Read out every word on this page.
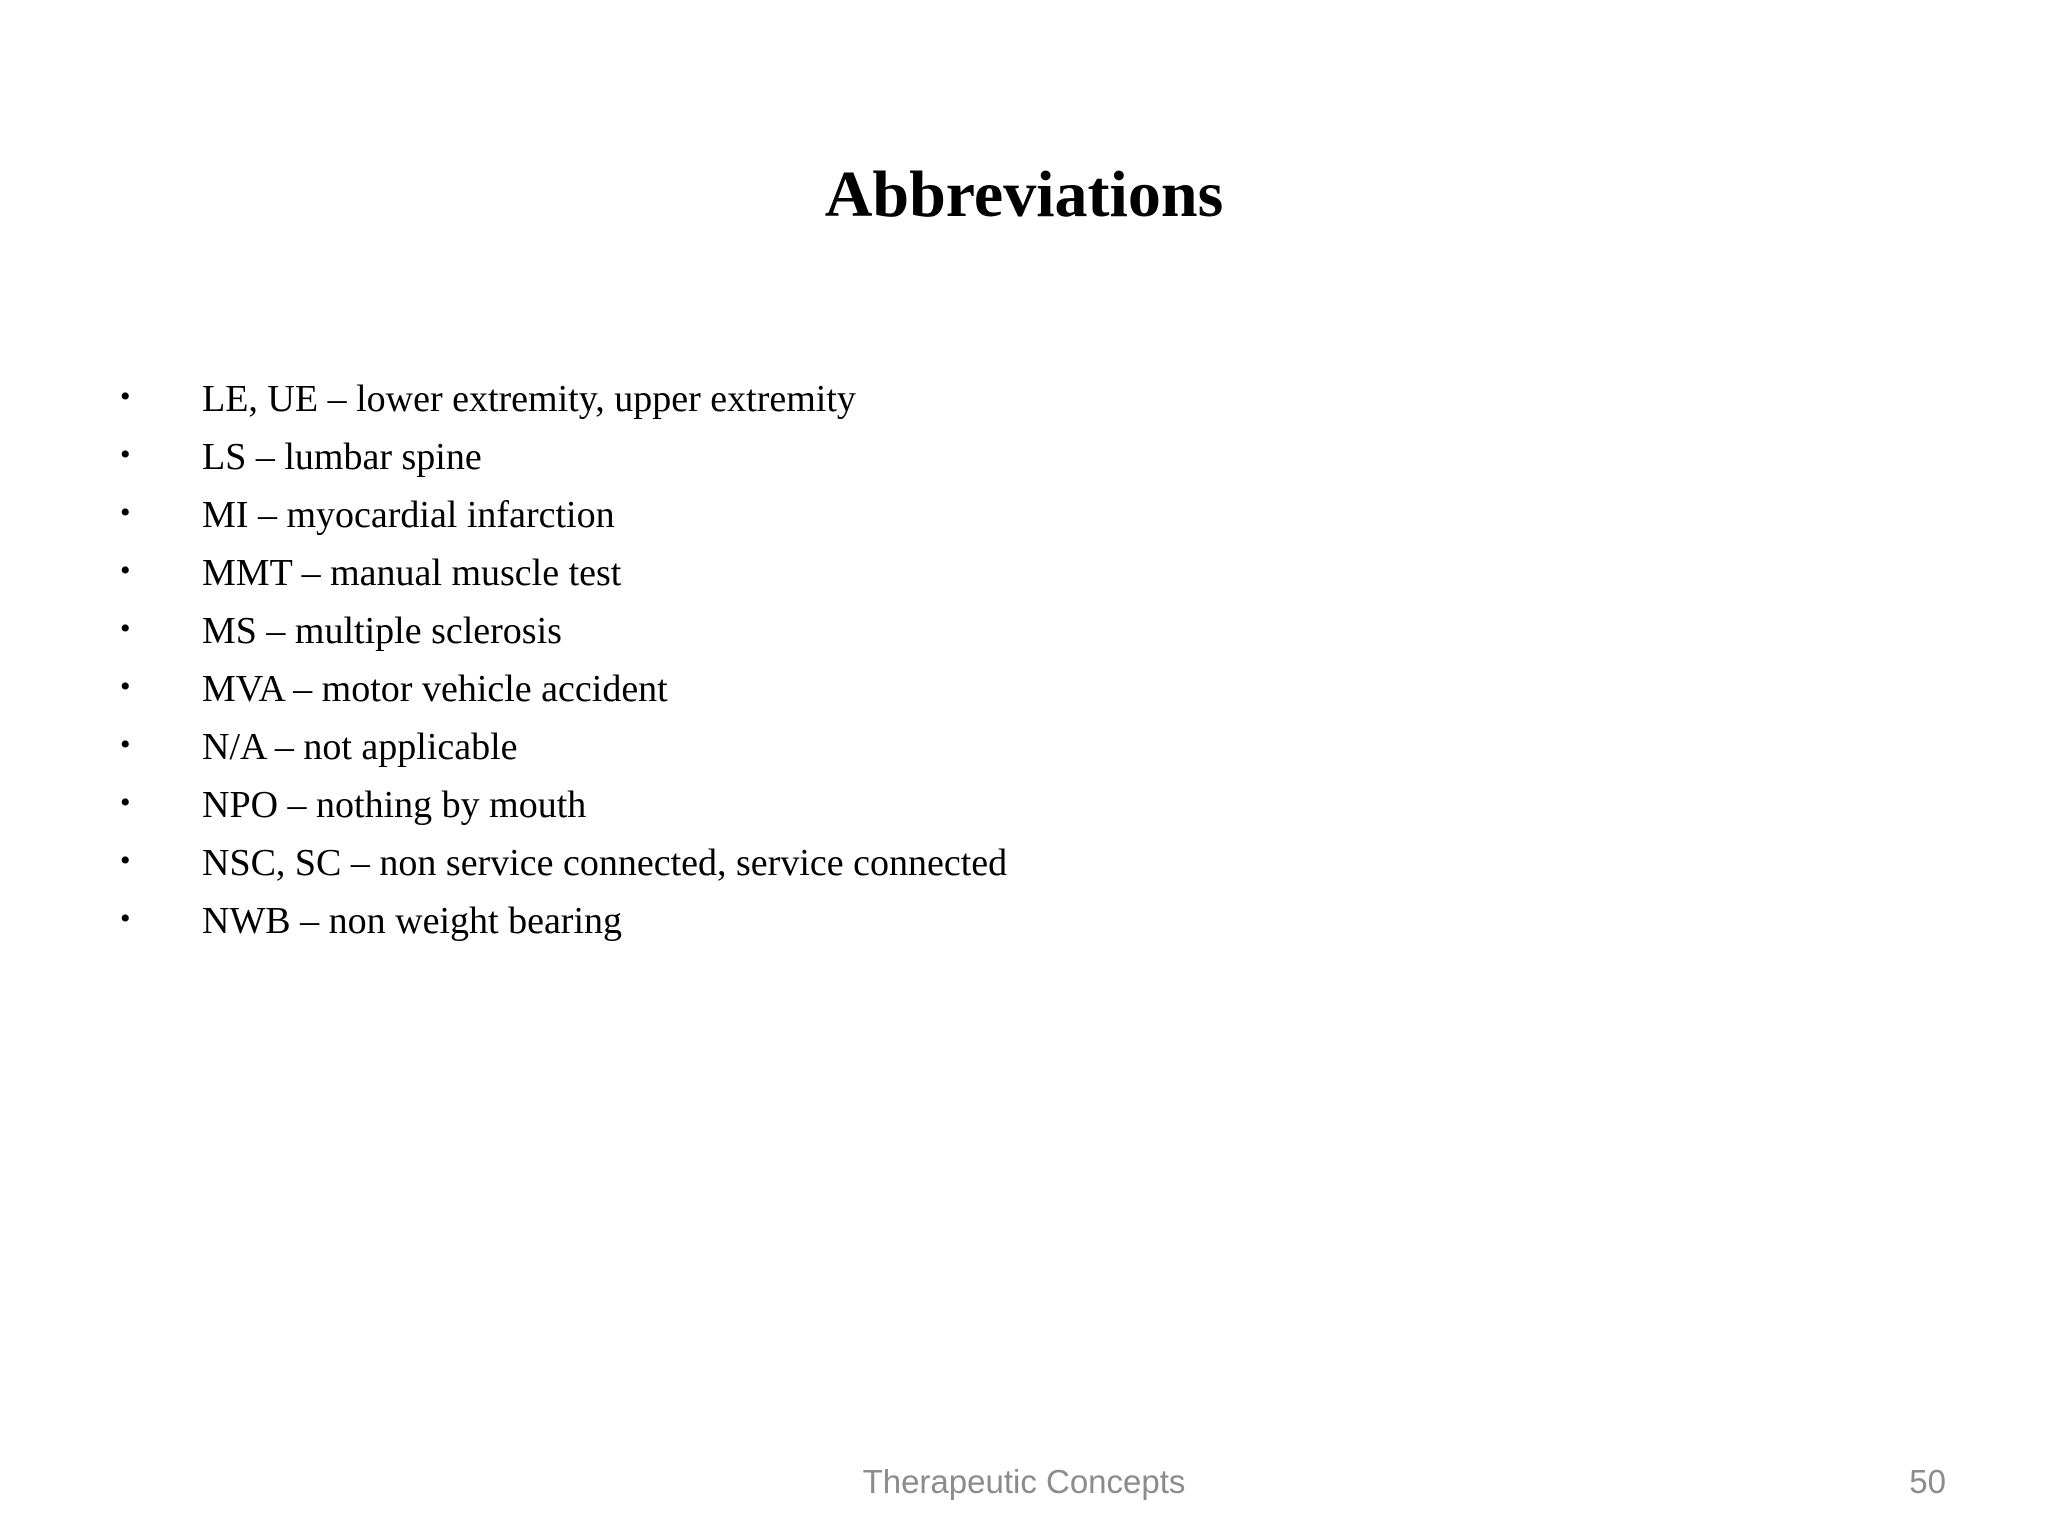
Abbreviations
• LE, UE – lower extremity, upper extremity
• LS – lumbar spine
• MI – myocardial infarction
• MMT – manual muscle test
• MS – multiple sclerosis
• MVA – motor vehicle accident
• N/A – not applicable
• NPO – nothing by mouth
• NSC, SC – non service connected, service connected
• NWB – non weight bearing
Therapeutic Concepts	50
